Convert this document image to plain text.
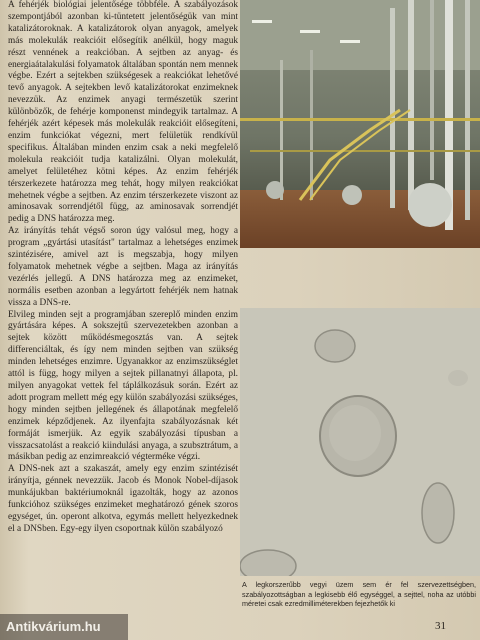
A fehérjék biológiai jelentősége többféle. A szabályozások szempontjából azonban ki-tüntetett jelentőségük van mint katalizátoroknak. A katalizátorok olyan anyagok, amelyek más molekulák reakcióit elősegítik anélkül, hogy maguk részt vennének a reakcióban. A sejtben az anyag- és energiaátalakulási folyamatok általában spontán nem mennek végbe. Ezért a sejtekben szükségesek a reakciókat lehetővé tevő anyagok. A sejtekben levő katalizátorokat enzimeknek nevezzük. Az enzimek anyagi természetük szerint különbözők, de fehérje komponenst mindegyik tartalmaz. A fehérjék azért képesek más molekulák reakcióit elősegíteni, enzim funkciókat végezni, mert felületük rendkívül specifikus. Általában minden enzim csak a neki megfelelő molekula reakcióit tudja katalizálni. Olyan molekulát, amelyet felületéhez kötni képes. Az enzim fehérjék térszerkezete határozza meg tehát, hogy milyen reakciókat mehetnek végbe a sejtben. Az enzim térszerkezete viszont az aminosavak sorrendjétől függ, az aminosavak sorrendjét pedig a DNS határozza meg.

Az irányítás tehát végső soron úgy valósul meg, hogy a program „gyártási utasítást" tartalmaz a lehetséges enzimek szintézisére, amivel azt is megszabja, hogy milyen folyamatok mehetnek végbe a sejtben. Maga az irányítás vezérlés jellegű. A DNS határozza meg az enzimeket, normális esetben azonban a legyártott fehérjék nem hatnak vissza a DNS-re.

Elvileg minden sejt a programjában szereplő minden enzim gyártására képes. A sokszejtű szervezetekben azonban a sejtek között működésmegosztás van. A sejtek differenciáltak, és így nem minden sejtben van szükség minden lehetséges enzimre. Ugyanakkor az enzimszükséglet attól is függ, hogy milyen a sejtek pillanatnyi állapota, pl. milyen anyagokat vettek fel táplálkozásuk során. Ezért az adott program mellett még egy külön szabályozási szükséges, hogy minden sejtben jellegének és állapotának megfelelő enzimek képződjenek. Az ilyenfajta szabályozásnak két formáját ismerjük. Az egyik szabályozási típusban a visszacsatolást a reakció kiindulási anyaga, a szubsztrátum, a másikban pedig az enzimreakció végterméke végzi.

A DNS-nek azt a szakaszát, amely egy enzim szintézisét irányítja, génnek nevezzük. Jacob és Monok Nobel-díjasok munkájukban baktériumoknál igazolták, hogy az azonos funkcióhoz szükséges enzimeket meghatározó gének szoros egységet, ún. operont alkotva, egymás mellett helyezkednek el a DNSben. Egy-egy ilyen csoportnak külön szabályozó

A legkorszerűbb vegyi üzem sem ér fel szervezettségben, szabályozottságban a legkisebb élő egységgel, a sejttel, noha az utóbbi méretei csak ezredmilliméterekben fejezhetők ki

31
Antikvárium.hu
